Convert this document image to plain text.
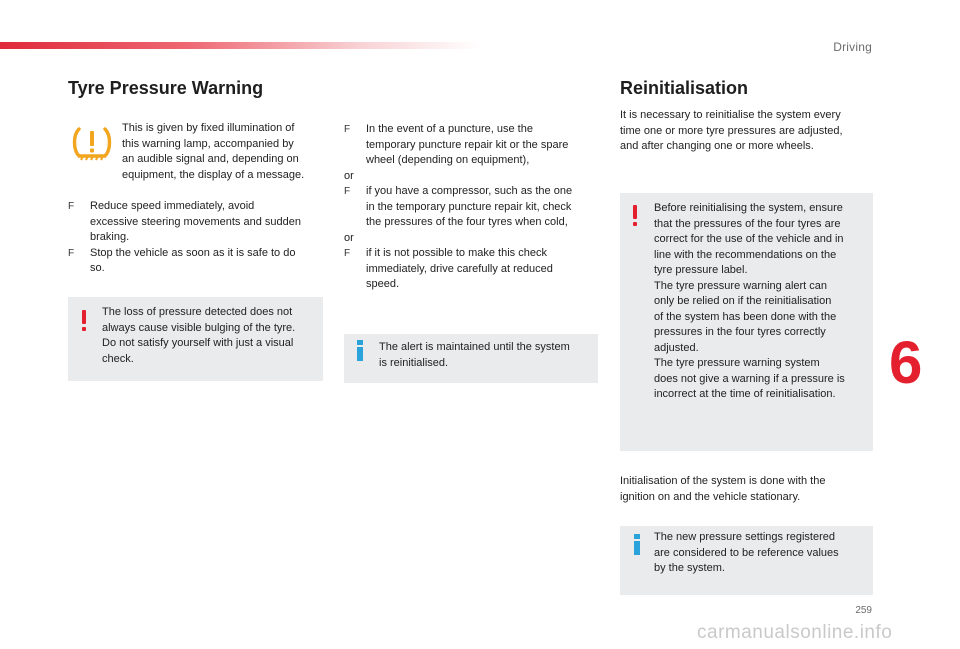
Driving
Tyre Pressure Warning
This is given by fixed illumination of
this warning lamp, accompanied by
an audible signal and, depending on
equipment, the display of a message.
F Reduce speed immediately, avoid
excessive steering movements and sudden
braking.
F Stop the vehicle as soon as it is safe to do
so.
The loss of pressure detected does not
always cause visible bulging of the tyre.
Do not satisfy yourself with just a visual
check.
F In the event of a puncture, use the
temporary puncture repair kit or the spare
wheel (depending on equipment),
or
F if you have a compressor, such as the one
in the temporary puncture repair kit, check
the pressures of the four tyres when cold,
or
F if it is not possible to make this check
immediately, drive carefully at reduced
speed.
The alert is maintained until the system
is reinitialised.
Reinitialisation
It is necessary to reinitialise the system every
time one or more tyre pressures are adjusted,
and after changing one or more wheels.
Before reinitialising the system, ensure
that the pressures of the four tyres are
correct for the use of the vehicle and in
line with the recommendations on the
tyre pressure label.
The tyre pressure warning alert can
only be relied on if the reinitialisation
of the system has been done with the
pressures in the four tyres correctly
adjusted.
The tyre pressure warning system
does not give a warning if a pressure is
incorrect at the time of reinitialisation.
Initialisation of the system is done with the
ignition on and the vehicle stationary.
The new pressure settings registered
are considered to be reference values
by the system.
6
259
carmanualsonline.info
